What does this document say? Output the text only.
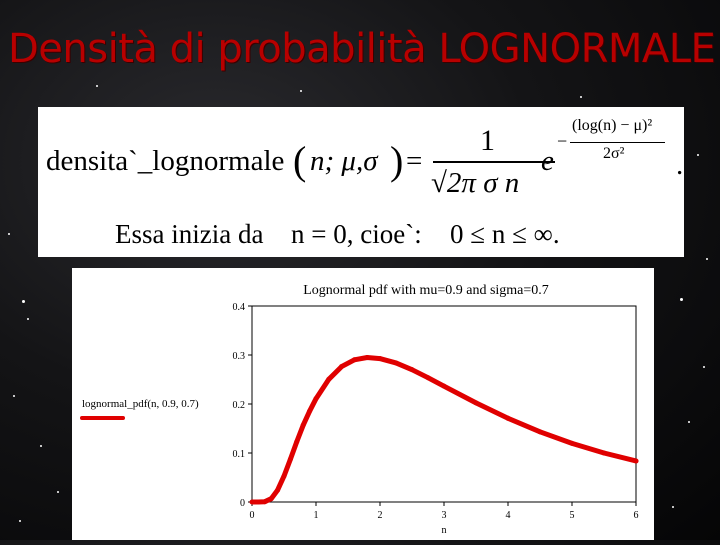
Densità di probabilità LOGNORMALE
densita`_lognormale ( n; μ,σ ) =
1
√2π σ n
e
−
(log(n) − μ)²
2σ² .
Essa inizia da n = 0, cioe`: 0 ≤ n ≤ ∞.
Lognormal pdf with mu=0.9 and sigma=0.7
0
0.1
0.2
0.3
0.4
0	1	2	3	4	5	6
lognormal_pdf(n, 0.9, 0.7)
n
